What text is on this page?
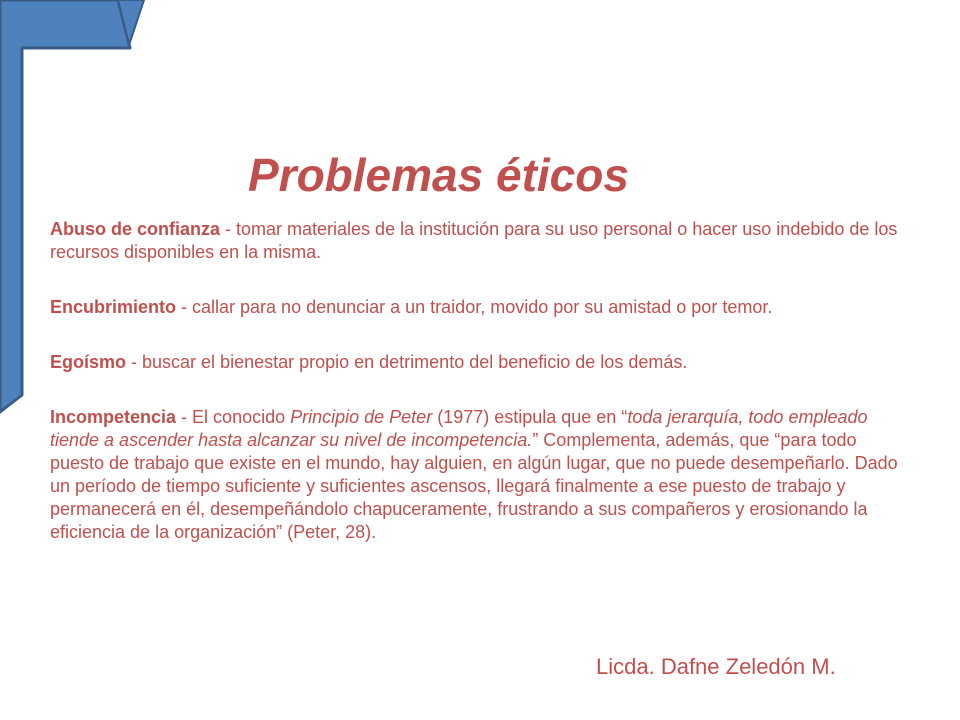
Problemas éticos

Abuso de confianza - tomar materiales de la institución para su uso personal o hacer uso indebido de los recursos disponibles en la misma.

Encubrimiento - callar para no denunciar a un traidor, movido por su amistad o por temor.

Egoísmo - buscar el bienestar propio en detrimento del beneficio de los demás.

Incompetencia - El conocido Principio de Peter (1977) estipula que en “toda jerarquía, todo empleado tiende a ascender hasta alcanzar su nivel de incompetencia.” Complementa, además, que “para todo puesto de trabajo que existe en el mundo, hay alguien, en algún lugar, que no puede desempeñarlo. Dado un período de tiempo suficiente y suficientes ascensos, llegará finalmente a ese puesto de trabajo y permanecerá en él, desempeñándolo chapuceramente, frustrando a sus compañeros y erosionando la eficiencia de la organización” (Peter, 28).

Licda. Dafne Zeledón M.
